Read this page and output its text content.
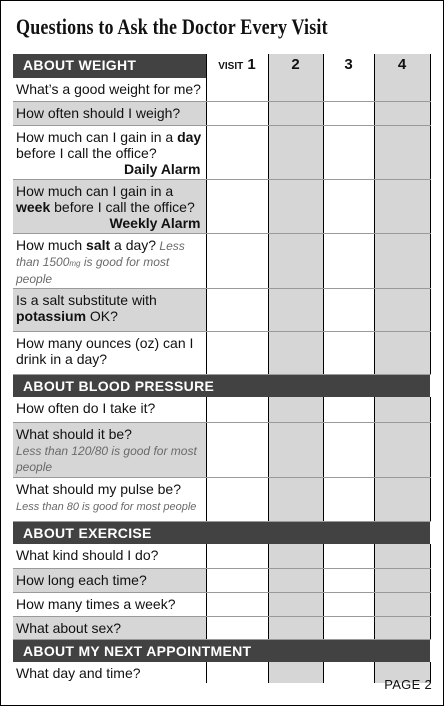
Questions to Ask the Doctor Every Visit
ABOUT WEIGHT	VISIT 1	2	3	4
What’s a good weight for me?				
How often should I weigh?				
How much can I gain in a day before I call the office?
Daily Alarm				

How much can I gain in a week before I call the office?
Weekly Alarm				

How much salt a day? Less than 1500mg is good for most people				
Is a salt substitute with potassium OK?				
How many ounces (oz) can I drink in a day?				
ABOUT BLOOD PRESSURE				
How often do I take it?				
What should it be?
Less than 120/80 is good for most people				
What should my pulse be?
Less than 80 is good for most people				
ABOUT EXERCISE				
What kind should I do?				
How long each time?				
How many times a week?				
What about sex?				
ABOUT MY NEXT APPOINTMENT				
What day and time?				
PAGE 2
